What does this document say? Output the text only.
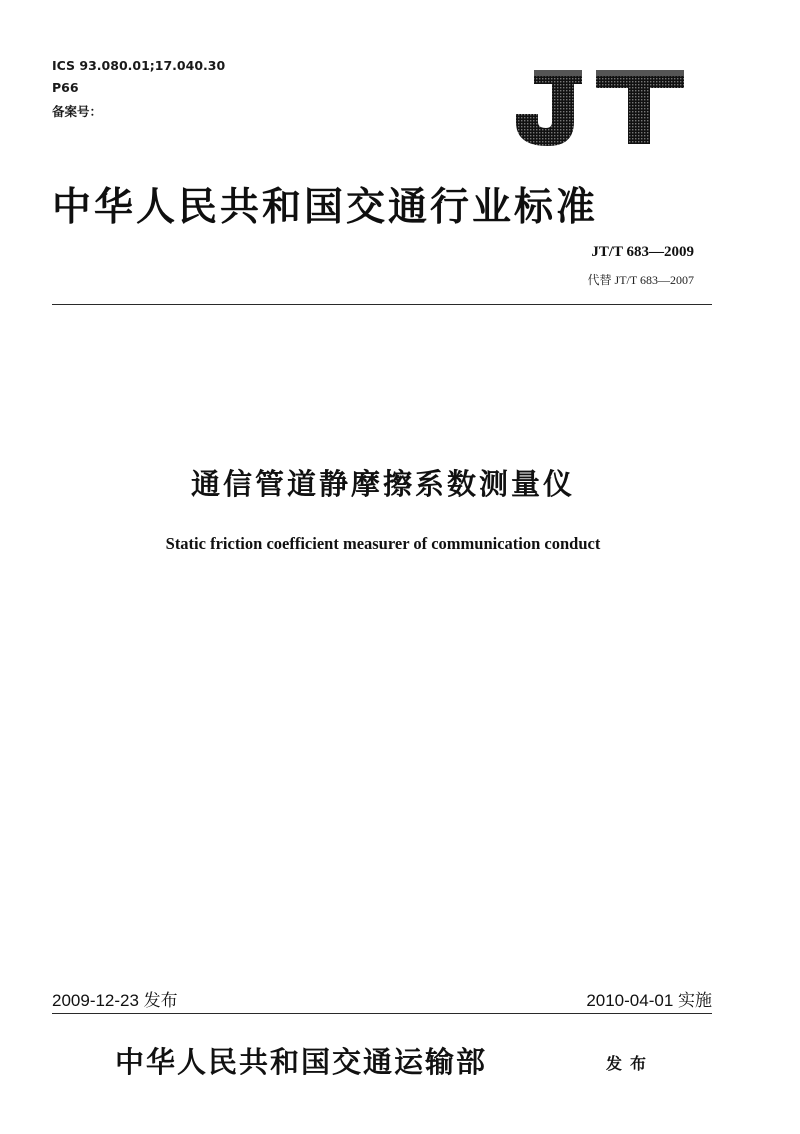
ICS 93.080.01;17.040.30
P66
备案号：
中华人民共和国交通行业标准
JT/T 683—2009
代替 JT/T 683—2007
通信管道静摩擦系数测量仪
Static friction coefficient measurer of communication conduct
2009-12-23 发布	2010-04-01 实施
中华人民共和国交通运输部	发布
